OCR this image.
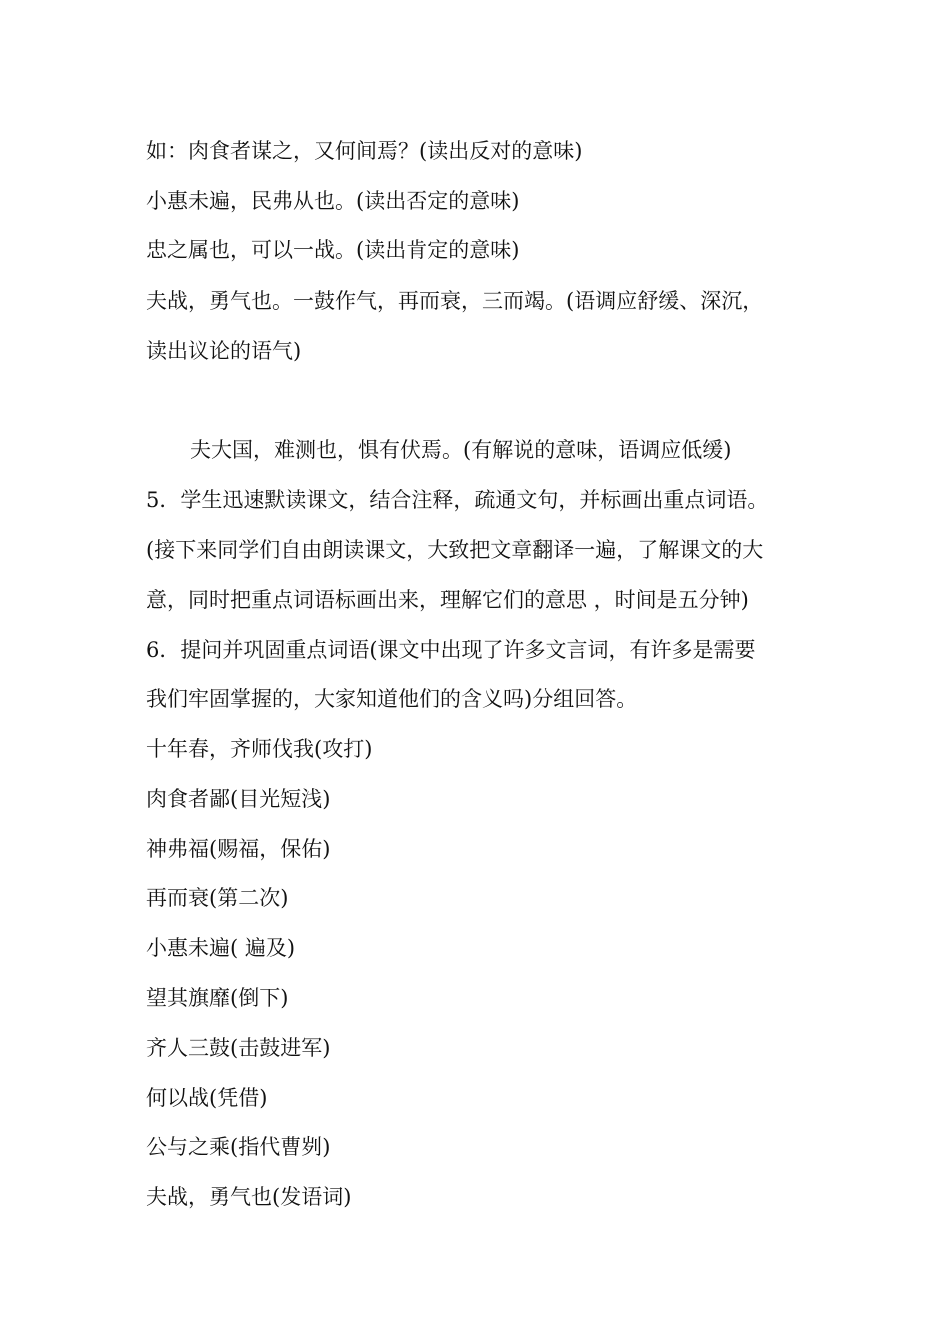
如：肉食者谋之，又何间焉？(读出反对的意味)
小惠未遍，民弗从也。(读出否定的意味)
忠之属也，可以一战。(读出肯定的意味)
夫战，勇气也。一鼓作气，再而衰，三而竭。(语调应舒缓、深沉，
读出议论的语气)
夫大国，难测也，惧有伏焉。(有解说的意味，语调应低缓)
5．学生迅速默读课文，结合注释，疏通文句，并标画出重点词语。
(接下来同学们自由朗读课文，大致把文章翻译一遍，了解课文的大
意，同时把重点词语标画出来，理解它们的意思 ，时间是五分钟)
6．提问并巩固重点词语(课文中出现了许多文言词，有许多是需要
我们牢固掌握的，大家知道他们的含义吗)分组回答。
十年春，齐师伐我(攻打)
肉食者鄙(目光短浅)
神弗福(赐福，保佑)
再而衰(第二次)
小惠未遍( 遍及)
望其旗靡(倒下)
齐人三鼓(击鼓进军)
何以战(凭借)
公与之乘(指代曹刿)
夫战，勇气也(发语词)
